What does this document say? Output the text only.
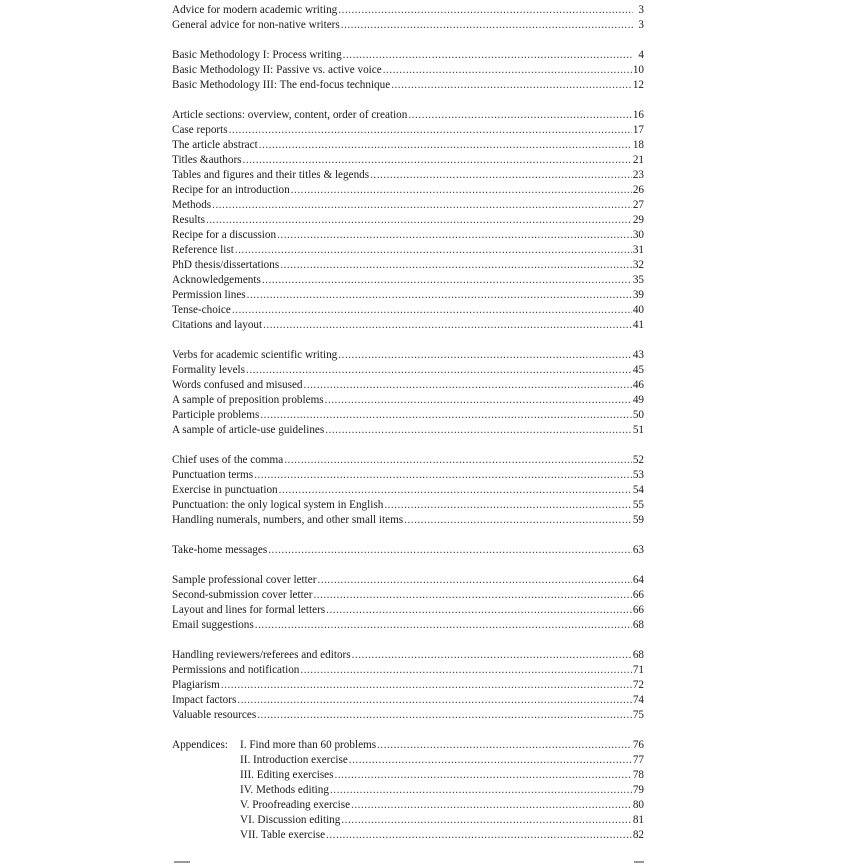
Advice for modern academic writing .....	3
General advice for non-native writers .....	3
Basic Methodology I: Process writing .....	4
Basic Methodology II: Passive vs. active voice .....	10
Basic Methodology III: The end-focus technique .....	12
Article sections: overview, content, order of creation .....	16
Case reports .....	17
The article abstract .....	18
Titles &authors .....	21
Tables and figures and their titles & legends .....	23
Recipe for an introduction .....	26
Methods .....	27
Results .....	29
Recipe for a discussion .....	30
Reference list .....	31
PhD thesis/dissertations .....	32
Acknowledgements .....	35
Permission lines .....	39
Tense-choice .....	40
Citations and layout .....	41
Verbs for academic scientific writing .....	43
Formality levels .....	45
Words confused and misused .....	46
A sample of preposition problems .....	49
Participle problems .....	50
A sample of article-use guidelines .....	51
Chief uses of the comma .....	52
Punctuation terms .....	53
Exercise in punctuation .....	54
Punctuation: the only logical system in English .....	55
Handling numerals, numbers, and other small items .....	59
Take-home messages .....	63
Sample professional cover letter .....	64
Second-submission cover letter .....	66
Layout and lines for formal letters .....	66
Email suggestions .....	68
Handling reviewers/referees and editors .....	68
Permissions and notification .....	71
Plagiarism .....	72
Impact factors .....	74
Valuable resources .....	75
Appendices:	I. Find more than 60 problems .....	76
II. Introduction exercise .....	77
III. Editing exercises .....	78
IV. Methods editing .....	79
V. Proofreading exercise .....	80
VI. Discussion editing .....	81
VII. Table exercise .....	82
